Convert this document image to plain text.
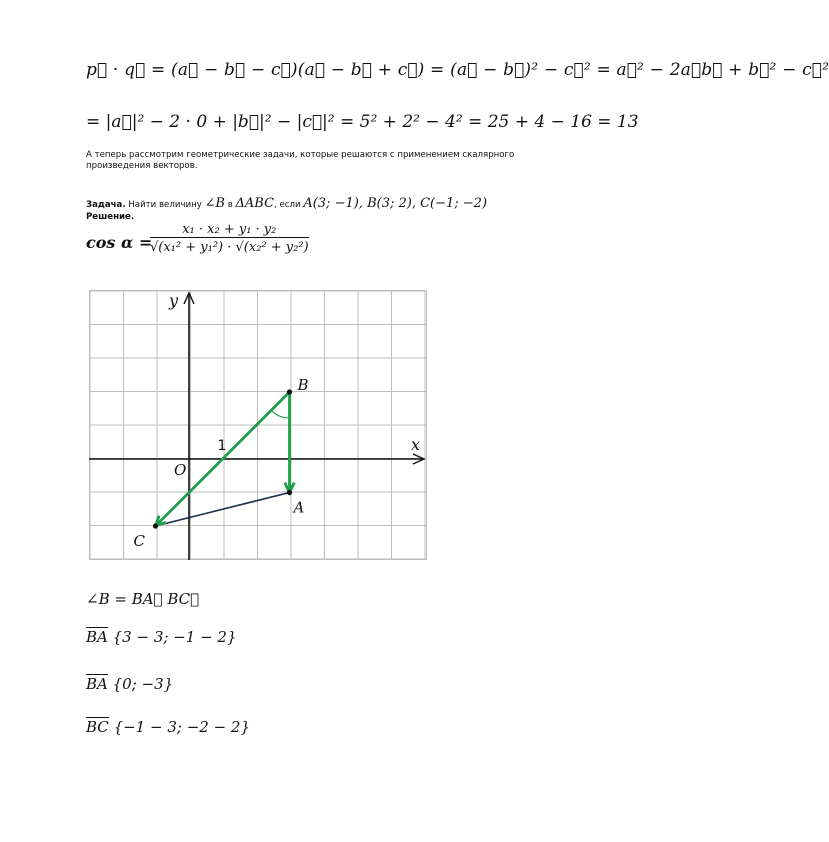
p⃗ · q⃗ = (a⃗ − b⃗ − c⃗)(a⃗ − b⃗ + c⃗) = (a⃗ − b⃗)² − c⃗² = a⃗² − 2a⃗b⃗ + b⃗² − c⃗²
= |a⃗|² − 2 · 0 + |b⃗|² − |c⃗|² = 5² + 2² − 4² = 25 + 4 − 16 = 13
А теперь рассмотрим геометрические задачи, которые решаются с применением скалярного произведения векторов.
Задача. Найти величину ∠B в ΔABC, если A(3; −1), B(3; 2), C(−1; −2)
Решение.
cos α =
$\frac{\text{x₁ · x₂ + y₁ · y₂}}{\text{√(x₁² + y₁²) · √(x₂² + y₂²)}}$
x
y
O
1
B
A
C
∠B = BA⃗ BC⃗
BA {3 − 3; −1 − 2}
BA {0; −3}
BC {−1 − 3; −2 − 2}
